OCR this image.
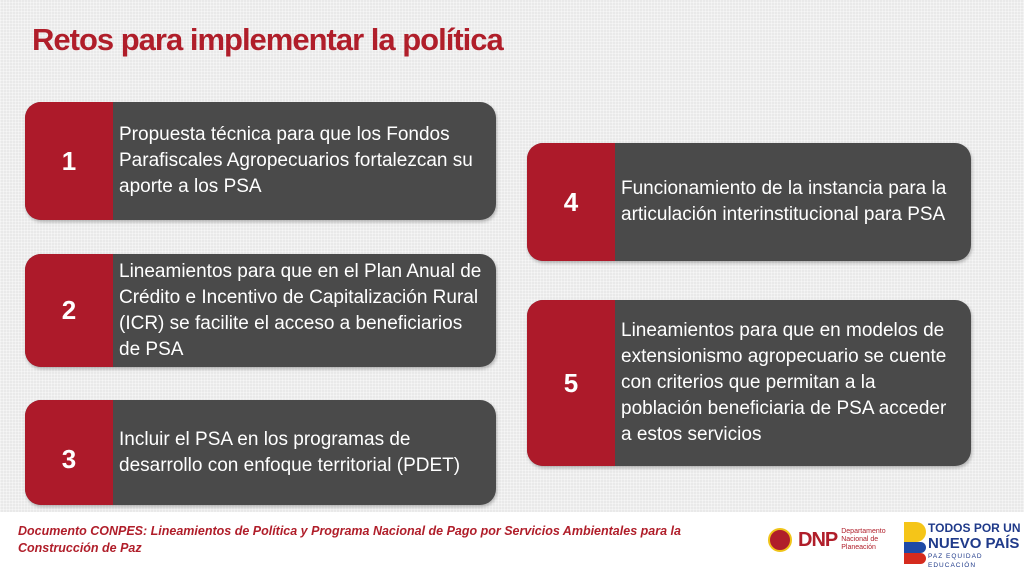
Retos para implementar la política
1
Propuesta técnica para que los Fondos Parafiscales Agropecuarios fortalezcan su aporte a los PSA
2
Lineamientos para que en el Plan Anual de Crédito e Incentivo de Capitalización Rural (ICR) se facilite el acceso a beneficiarios de PSA
3
Incluir el PSA en los programas de desarrollo con enfoque territorial (PDET)
4	Funcionamiento de la instancia para la articulación interinstitucional para PSA
5
Lineamientos para que en modelos de extensionismo agropecuario se cuente con criterios que permitan a la población beneficiaria de PSA acceder a estos servicios
Documento CONPES: Lineamientos de Política y Programa Nacional de Pago por Servicios Ambientales para la Construcción de Paz	DNP Departamento Nacional de Planeación
TODOS POR UN
NUEVO PAÍS
PAZ EQUIDAD EDUCACIÓN
